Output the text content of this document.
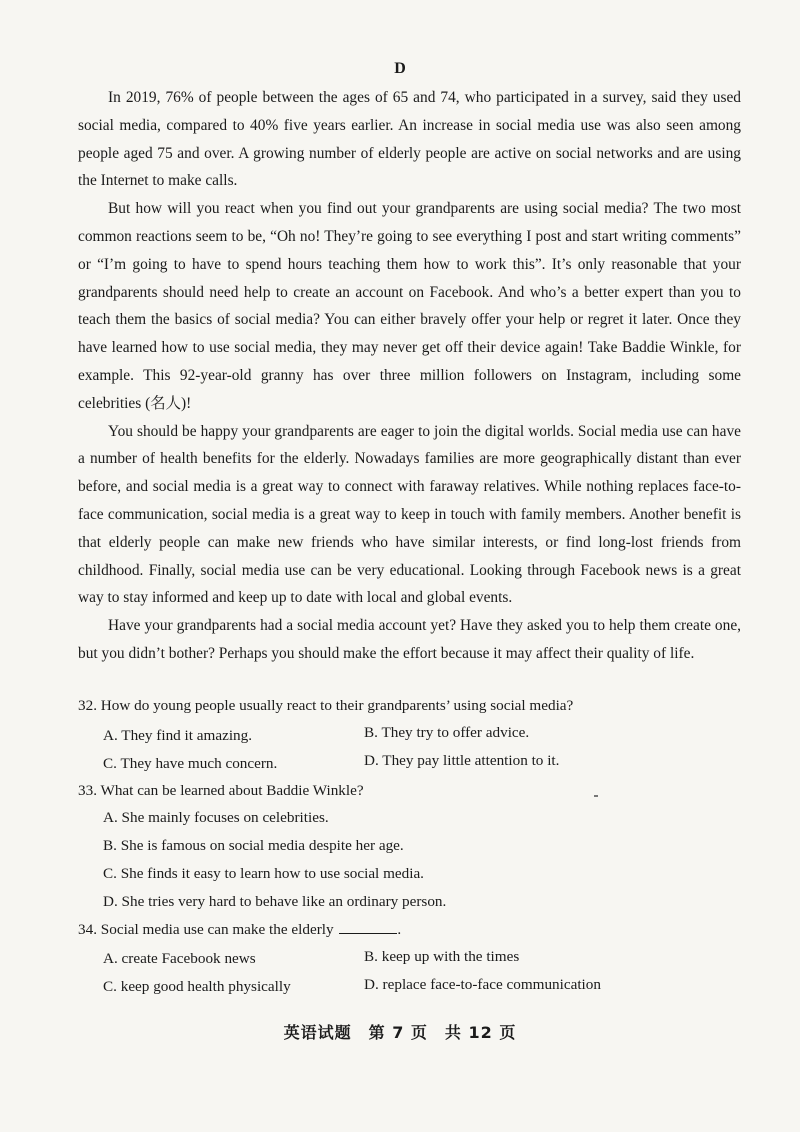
D

In 2019, 76% of people between the ages of 65 and 74, who participated in a survey, said they used social media, compared to 40% five years earlier. An increase in social media use was also seen among people aged 75 and over. A growing number of elderly people are active on social networks and are using the Internet to make calls.

But how will you react when you find out your grandparents are using social media? The two most common reactions seem to be, “Oh no! They’re going to see everything I post and start writing comments” or “I’m going to have to spend hours teaching them how to work this”. It’s only reasonable that your grandparents should need help to create an account on Facebook. And who’s a better expert than you to teach them the basics of social media? You can either bravely offer your help or regret it later. Once they have learned how to use social media, they may never get off their device again! Take Baddie Winkle, for example. This 92-year-old granny has over three million followers on Instagram, including some celebrities (名人)!

You should be happy your grandparents are eager to join the digital worlds. Social media use can have a number of health benefits for the elderly. Nowadays families are more geographically distant than ever before, and social media is a great way to connect with faraway relatives. While nothing replaces face-to-face communication, social media is a great way to keep in touch with family members. Another benefit is that elderly people can make new friends who have similar interests, or find long-lost friends from childhood. Finally, social media use can be very educational. Looking through Facebook news is a great way to stay informed and keep up to date with local and global events.

Have your grandparents had a social media account yet? Have they asked you to help them create one, but you didn’t bother? Perhaps you should make the effort because it may affect their quality of life.

32. How do young people usually react to their grandparents’ using social media?
A. They find it amazing.	B. They try to offer advice.
C. They have much concern.	D. They pay little attention to it.
33. What can be learned about Baddie Winkle?
A. She mainly focuses on celebrities.
B. She is famous on social media despite her age.
C. She finds it easy to learn how to use social media.
D. She tries very hard to behave like an ordinary person.
34. Social media use can make the elderly	.
A. create Facebook news	B. keep up with the times
C. keep good health physically	D. replace face-to-face communication
英语试题　第 7 页　共 12 页
